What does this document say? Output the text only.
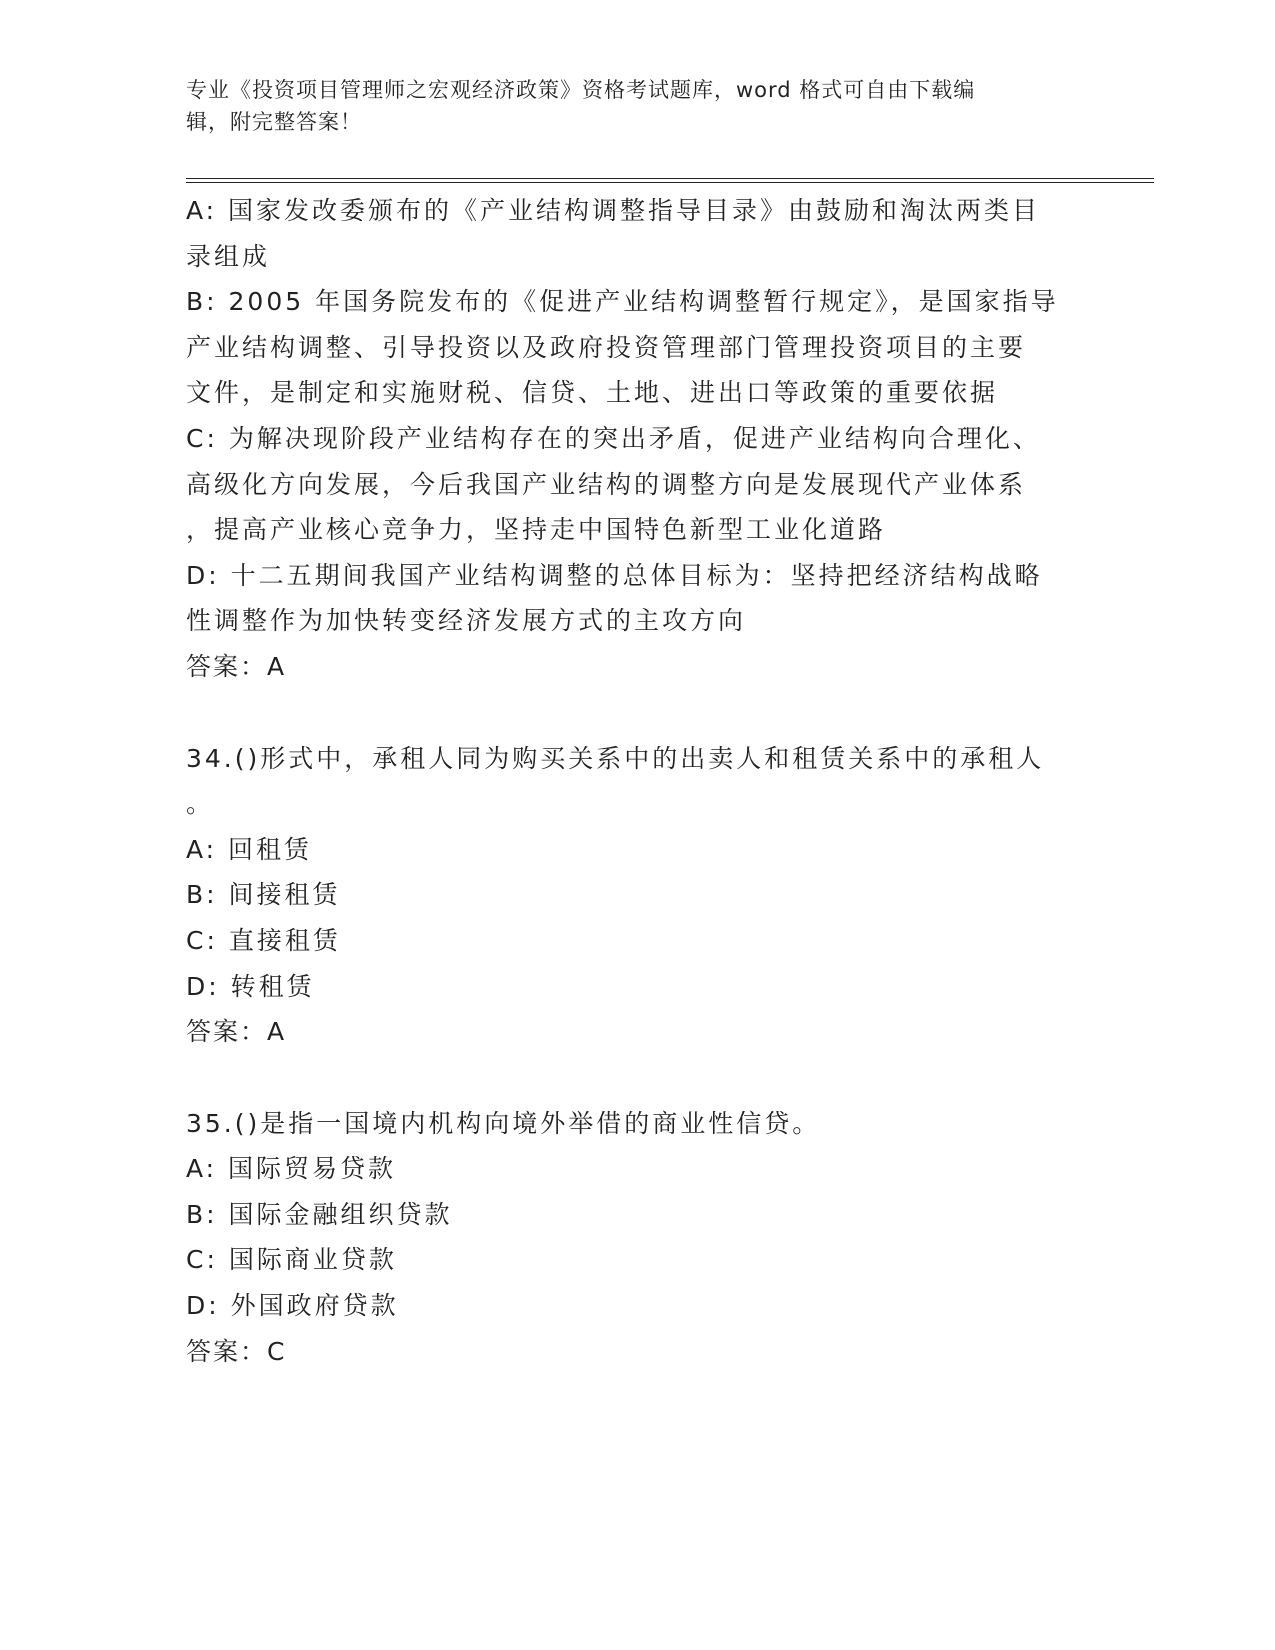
专业《投资项目管理师之宏观经济政策》资格考试题库，word 格式可自由下载编
辑，附完整答案！
A: 国家发改委颁布的《产业结构调整指导目录》由鼓励和淘汰两类目
录组成
B: 2005 年国务院发布的《促进产业结构调整暂行规定》，是国家指导
产业结构调整、引导投资以及政府投资管理部门管理投资项目的主要
文件，是制定和实施财税、信贷、土地、进出口等政策的重要依据
C: 为解决现阶段产业结构存在的突出矛盾，促进产业结构向合理化、
高级化方向发展，今后我国产业结构的调整方向是发展现代产业体系
，提高产业核心竞争力，坚持走中国特色新型工业化道路
D: 十二五期间我国产业结构调整的总体目标为：坚持把经济结构战略
性调整作为加快转变经济发展方式的主攻方向
答案：A
34.()形式中，承租人同为购买关系中的出卖人和租赁关系中的承租人
。
A: 回租赁
B: 间接租赁
C: 直接租赁
D: 转租赁
答案：A
35.()是指一国境内机构向境外举借的商业性信贷。
A: 国际贸易贷款
B: 国际金融组织贷款
C: 国际商业贷款
D: 外国政府贷款
答案：C
